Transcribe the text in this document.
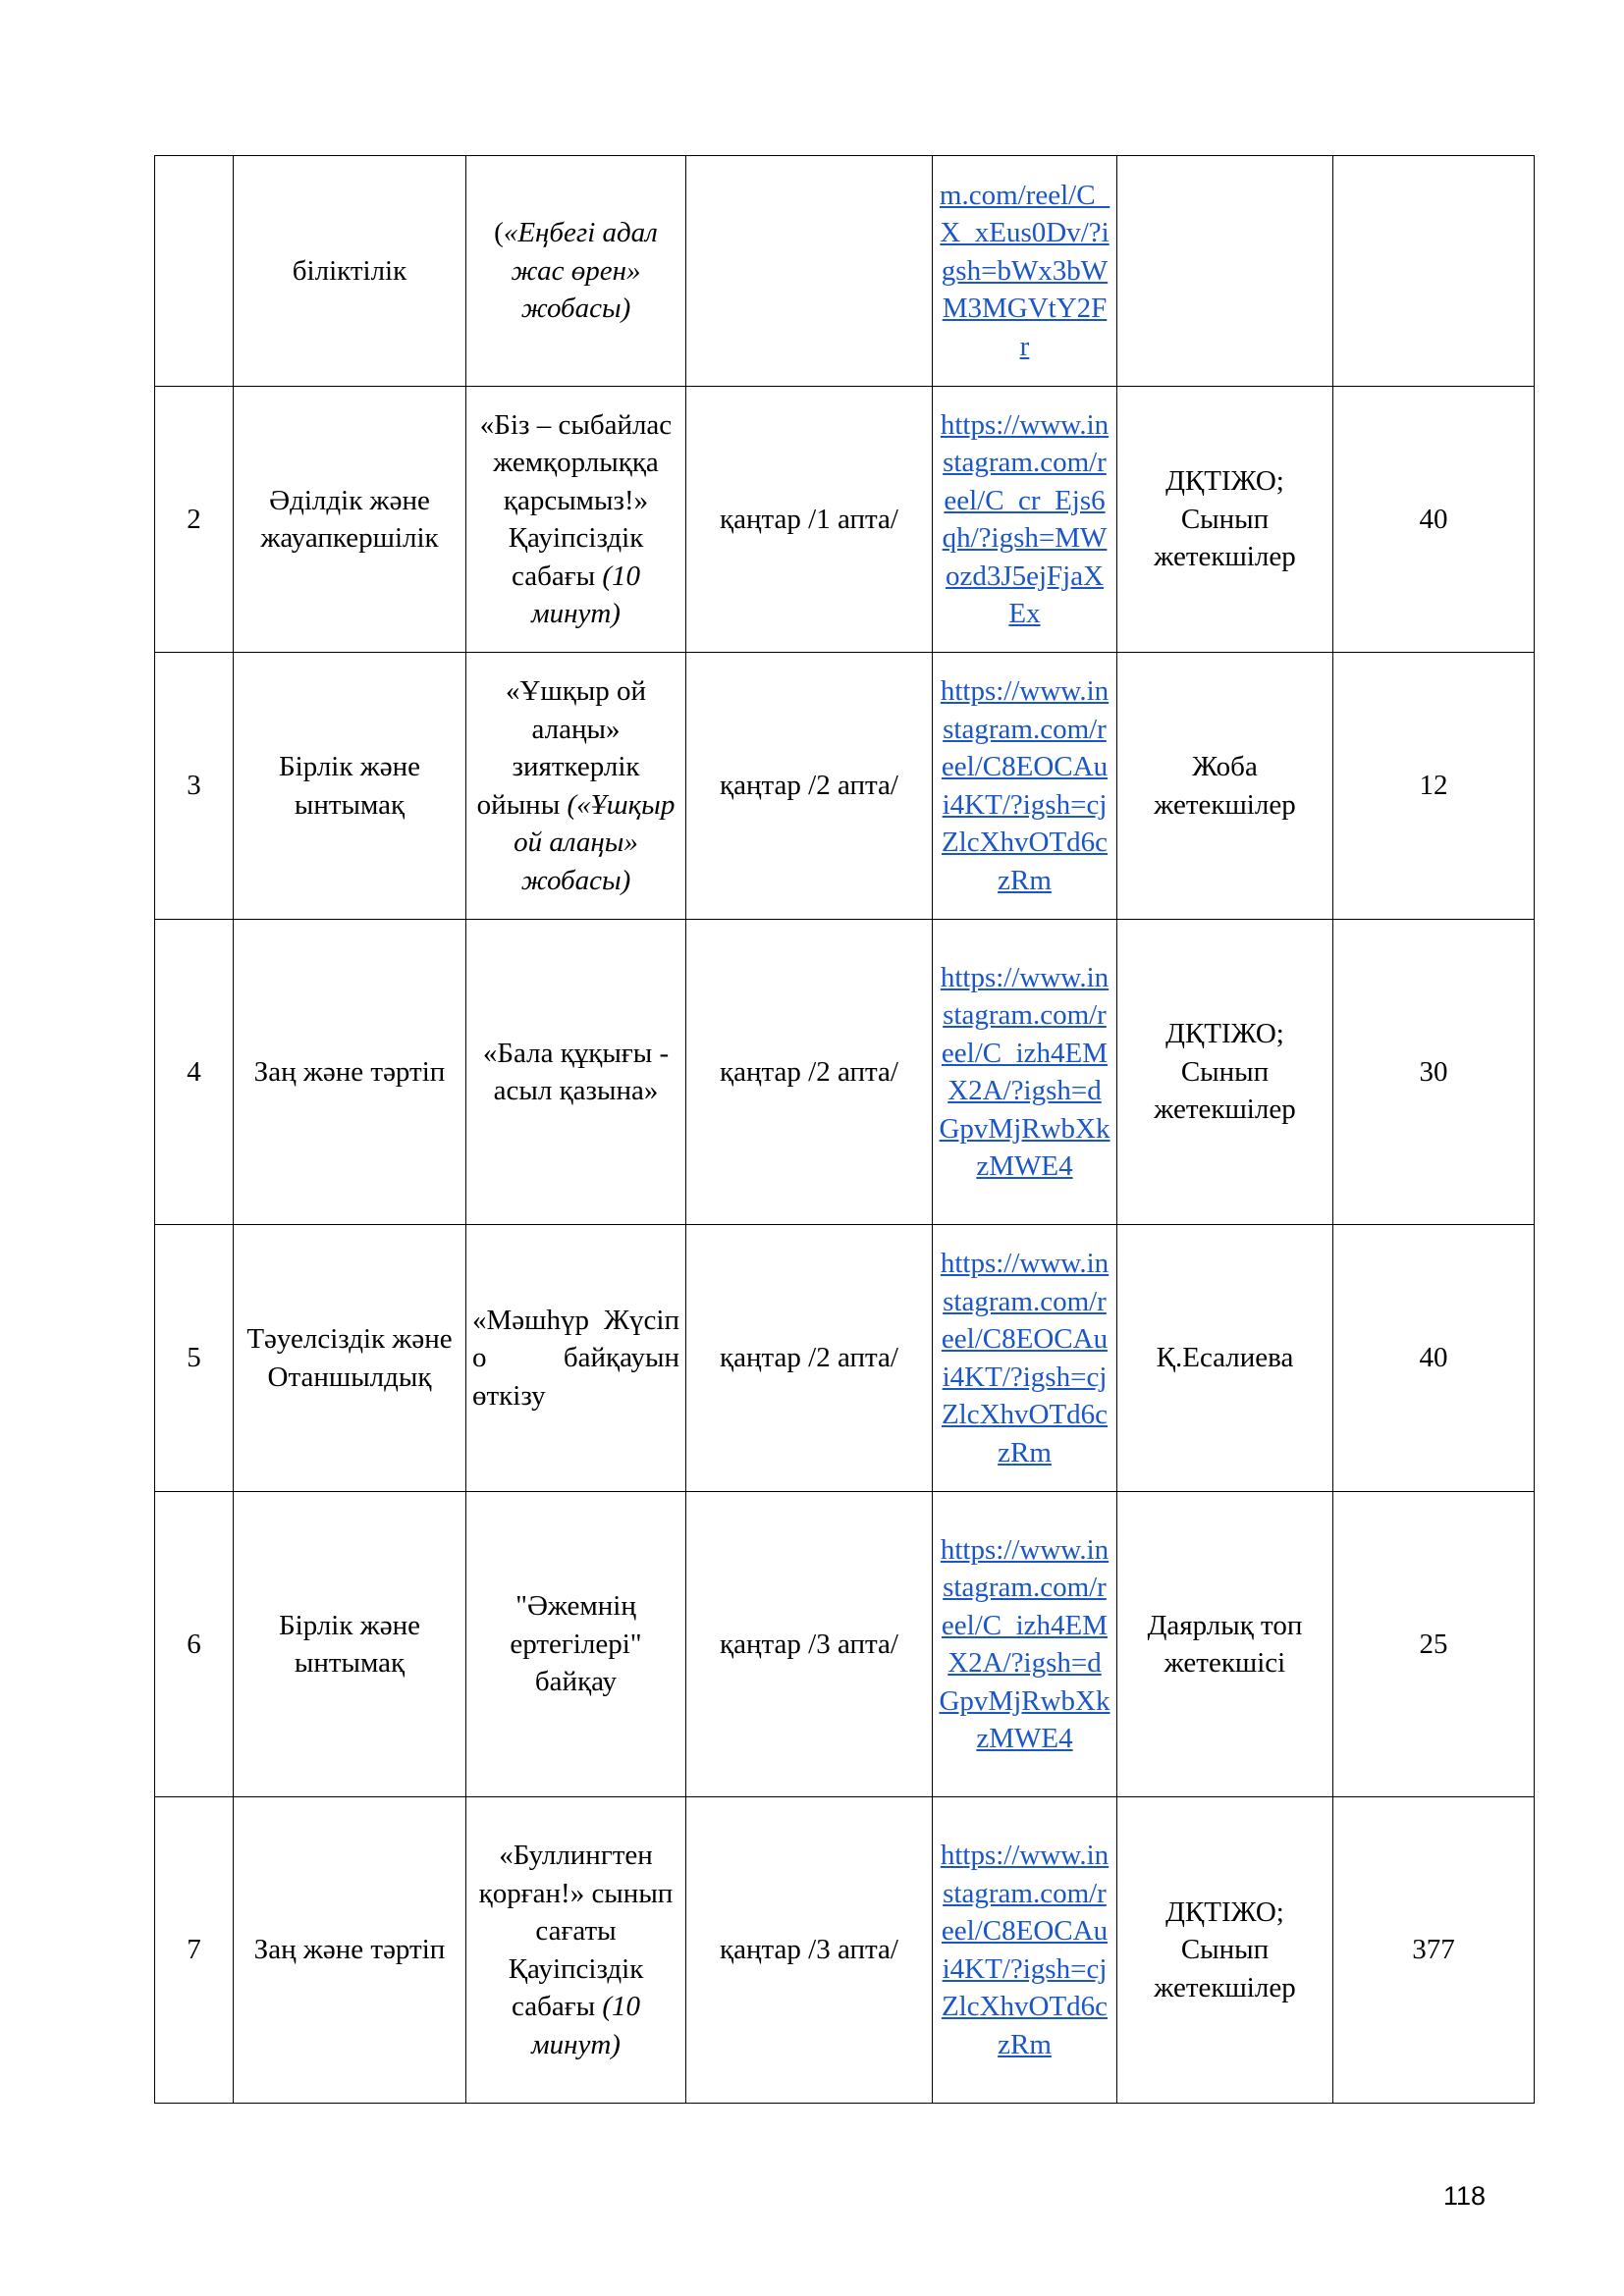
	біліктілік	(«Еңбегі адал жас өрен» жобасы)		m.com/reel/C_X_xEus0Dv/?igsh=bWx3bWM3MGVtY2Fr		
2	Әділдік және жауапкершілік	«Біз – сыбайлас жемқорлыққа қарсымыз!» Қауіпсіздік сабағы (10 минут)	қаңтар /1 апта/	https://www.instagram.com/reel/C_cr_Ejs6qh/?igsh=MWozd3J5ejFjaXEx	ДҚТІЖО; Сынып жетекшілер	40
3	Бірлік және ынтымақ	«Ұшқыр ой алаңы» зияткерлік ойыны («Ұшқыр ой алаңы» жобасы)	қаңтар /2 апта/	https://www.instagram.com/reel/C8EOCAui4KT/?igsh=cjZlcXhvOTd6czRm	Жоба жетекшілер	12
4	Заң және тәртіп	«Бала құқығы - асыл қазына»	қаңтар /2 апта/	https://www.instagram.com/reel/C_izh4EMX2A/?igsh=dGpvMjRwbXkzMWE4	ДҚТІЖО; Сынып жетекшілер	30
5	Тәуелсіздік және Отаншылдық	«Мәшһүр Жүсіп о байқауын өткізу	қаңтар /2 апта/	https://www.instagram.com/reel/C8EOCAui4KT/?igsh=cjZlcXhvOTd6czRm	Қ.Есалиева	40
6	Бірлік және ынтымақ	"Әжемнің ертегілері" байқау	қаңтар /3 апта/	https://www.instagram.com/reel/C_izh4EMX2A/?igsh=dGpvMjRwbXkzMWE4	Даярлық топ жетекшісі	25
7	Заң және тәртіп	«Буллингтен қорған!» сынып сағаты Қауіпсіздік сабағы (10 минут)	қаңтар /3 апта/	https://www.instagram.com/reel/C8EOCAui4KT/?igsh=cjZlcXhvOTd6czRm	ДҚТІЖО; Сынып жетекшілер	377
118
